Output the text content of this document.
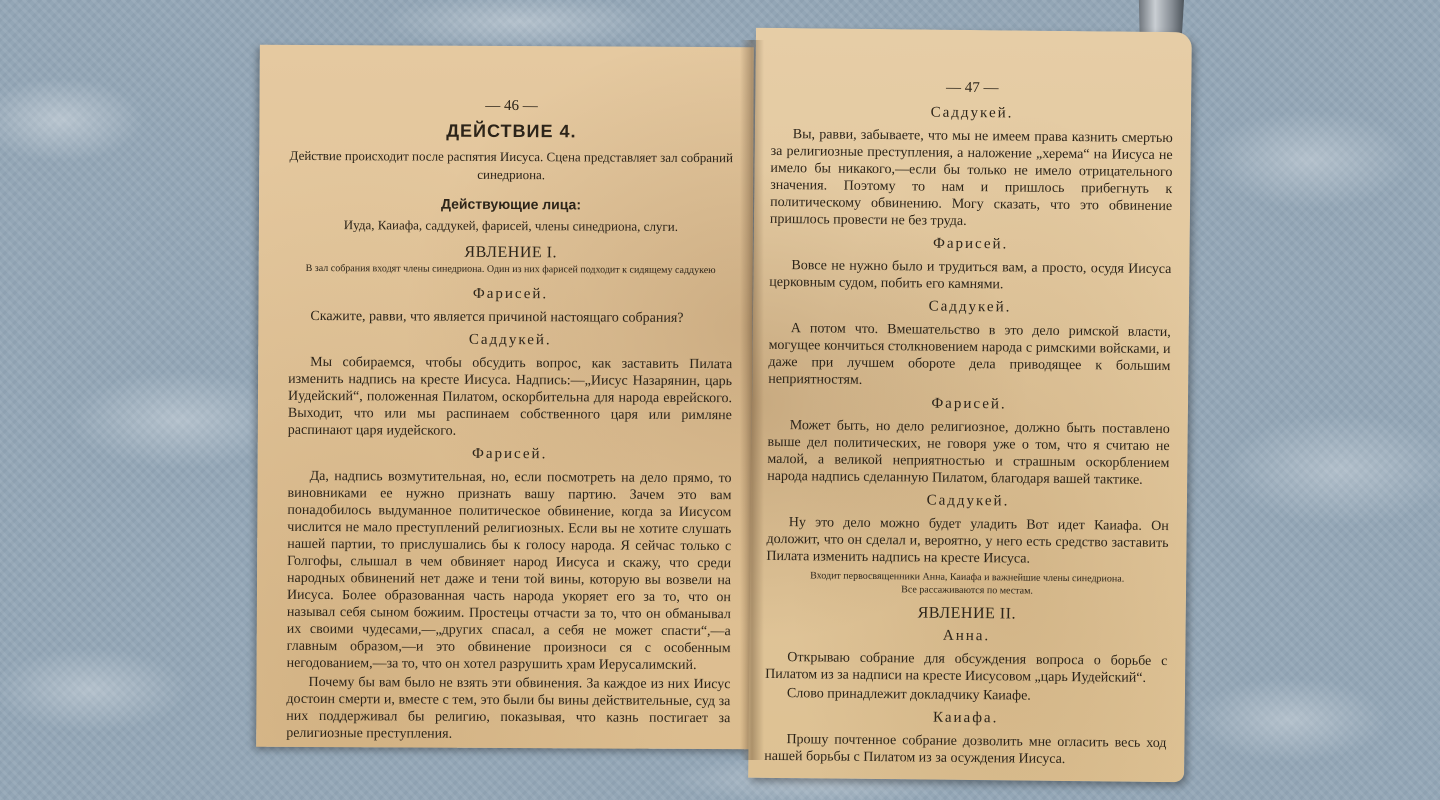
— 46 —
ДЕЙСТВИЕ 4.
Действие происходит после распятия Иисуса. Сцена представляет зал собраний синедриона.
Действующие лица:
Иуда, Каиафа, саддукей, фарисей, члены синедриона, слуги.
ЯВЛЕНИЕ I.
В зал собрания входят члены синедриона. Один из них фарисей подходит к сидящему саддукею
Фарисей.

Скажите, равви, что является причиной настоящаго собрания?

Саддукей.

Мы собираемся, чтобы обсудить вопрос, как заставить Пилата изменить надпись на кресте Иисуса. Надпись:—„Иисус Назарянин, царь Иудейский“, положенная Пилатом, оскорбительна для народа еврейского. Выходит, что или мы распинаем собственного царя или римляне распинают царя иудейского.

Фарисей.

Да, надпись возмутительная, но, если посмотреть на дело прямо, то виновниками ее нужно признать вашу партию. Зачем это вам понадобилось выдуманное политическое обвинение, когда за Иисусом числится не мало преступлений религиозных. Если вы не хотите слушать нашей партии, то прислушались бы к голосу народа. Я сейчас только с Голгофы, слышал в чем обвиняет народ Иисуса и скажу, что среди народных обвинений нет даже и тени той вины, которую вы возвели на Иисуса. Более образованная часть народа укоряет его за то, что он называл себя сыном божиим. Простецы отчасти за то, что он обманывал их своими чудесами,—„других спасал, а себя не может спасти“,—а главным образом,—и это обвинение произноси ся с особенным негодованием,—за то, что он хотел разрушить храм Иерусалимский.

Почему бы вам было не взять эти обвинения. За каждое из них Иисус достоин смерти и, вместе с тем, это были бы вины действительные, суд за них поддерживал бы религию, показывая, что казнь постигает за религиозные преступления.

— 47 —
Саддукей.

Вы, равви, забываете, что мы не имеем права казнить смертью за религиозные преступления, а наложение „херема“ на Иисуса не имело бы никакого,—если бы только не имело отрицательного значения. Поэтому то нам и пришлось прибегнуть к политическому обвинению. Могу сказать, что это обвинение пришлось провести не без труда.

Фарисей.

Вовсе не нужно было и трудиться вам, а просто, осудя Иисуса церковным судом, побить его камнями.

Саддукей.

А потом что. Вмешательство в это дело римской власти, могущее кончиться столкновением народа с римскими войсками, и даже при лучшем обороте дела приводящее к большим неприятностям.

Фарисей.

Может быть, но дело религиозное, должно быть поставлено выше дел политических, не говоря уже о том, что я считаю не малой, а великой неприятностью и страшным оскорблением народа надпись сделанную Пилатом, благодаря вашей тактике.

Саддукей.

Ну это дело можно будет уладить Вот идет Каиафа. Он доложит, что он сделал и, вероятно, у него есть средство заставить Пилата изменить надпись на кресте Иисуса.

Входит первосвященники Анна, Каиафа и важнейшие члены синедриона.
Все рассаживаются по местам.
ЯВЛЕНИЕ II.
Анна.

Открываю собрание для обсуждения вопроса о борьбе с Пилатом из за надписи на кресте Иисусовом „царь Иудейский“.

Слово принадлежит докладчику Каиафе.

Каиафа.

Прошу почтенное собрание дозволить мне огласить весь ход нашей борьбы с Пилатом из за осуждения Иисуса.
